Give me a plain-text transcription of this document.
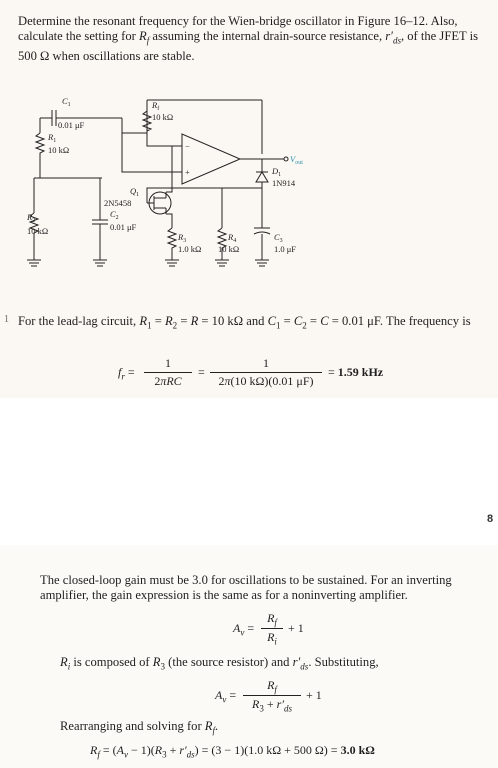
Determine the resonant frequency for the Wien-bridge oscillator in Figure 16–12. Also, calculate the setting for $R_f$ assuming the internal drain-source resistance, $r'_{ds}$, of the JFET is 500 Ω when oscillations are stable.
$C_1$
0.01 μF
$R_1$
10 kΩ
$R_f$
10 kΩ
$R_2$
10 kΩ
$C_2$
0.01 μF
$Q_1$
2N5458
$R_3$
1.0 kΩ
$R_4$
10 kΩ
$C_3$
1.0 μF
$D_1$
1N914
$V_{out}$
−
+
1 For the lead-lag circuit, $R_1 = R_2 = R = 10$ kΩ and $C_1 = C_2 = C = 0.01$ μF. The frequency is
$f_r$ =
1
2πRC
= $\frac{1}{2\pi(10 k\Omega)(0.01 \mu F)} = 1.59$ kHz
8
The closed-loop gain must be 3.0 for oscillations to be sustained. For an inverting amplifier, the gain expression is the same as for a noninverting amplifier.
$A_v = \frac{R_f}{R_i} + 1$
$R_i$ is composed of $R_3$ (the source resistor) and $r'_{ds}$. Substituting,
$A_v = \frac{R_f}{R_3 + r'_{ds}} + 1$
Rearranging and solving for $R_f$.
$R_f = (A_v - 1)(R_3 + r'_{ds}) = (3 - 1)(1.0$ kΩ + 500 Ω) = 3.0 kΩ
